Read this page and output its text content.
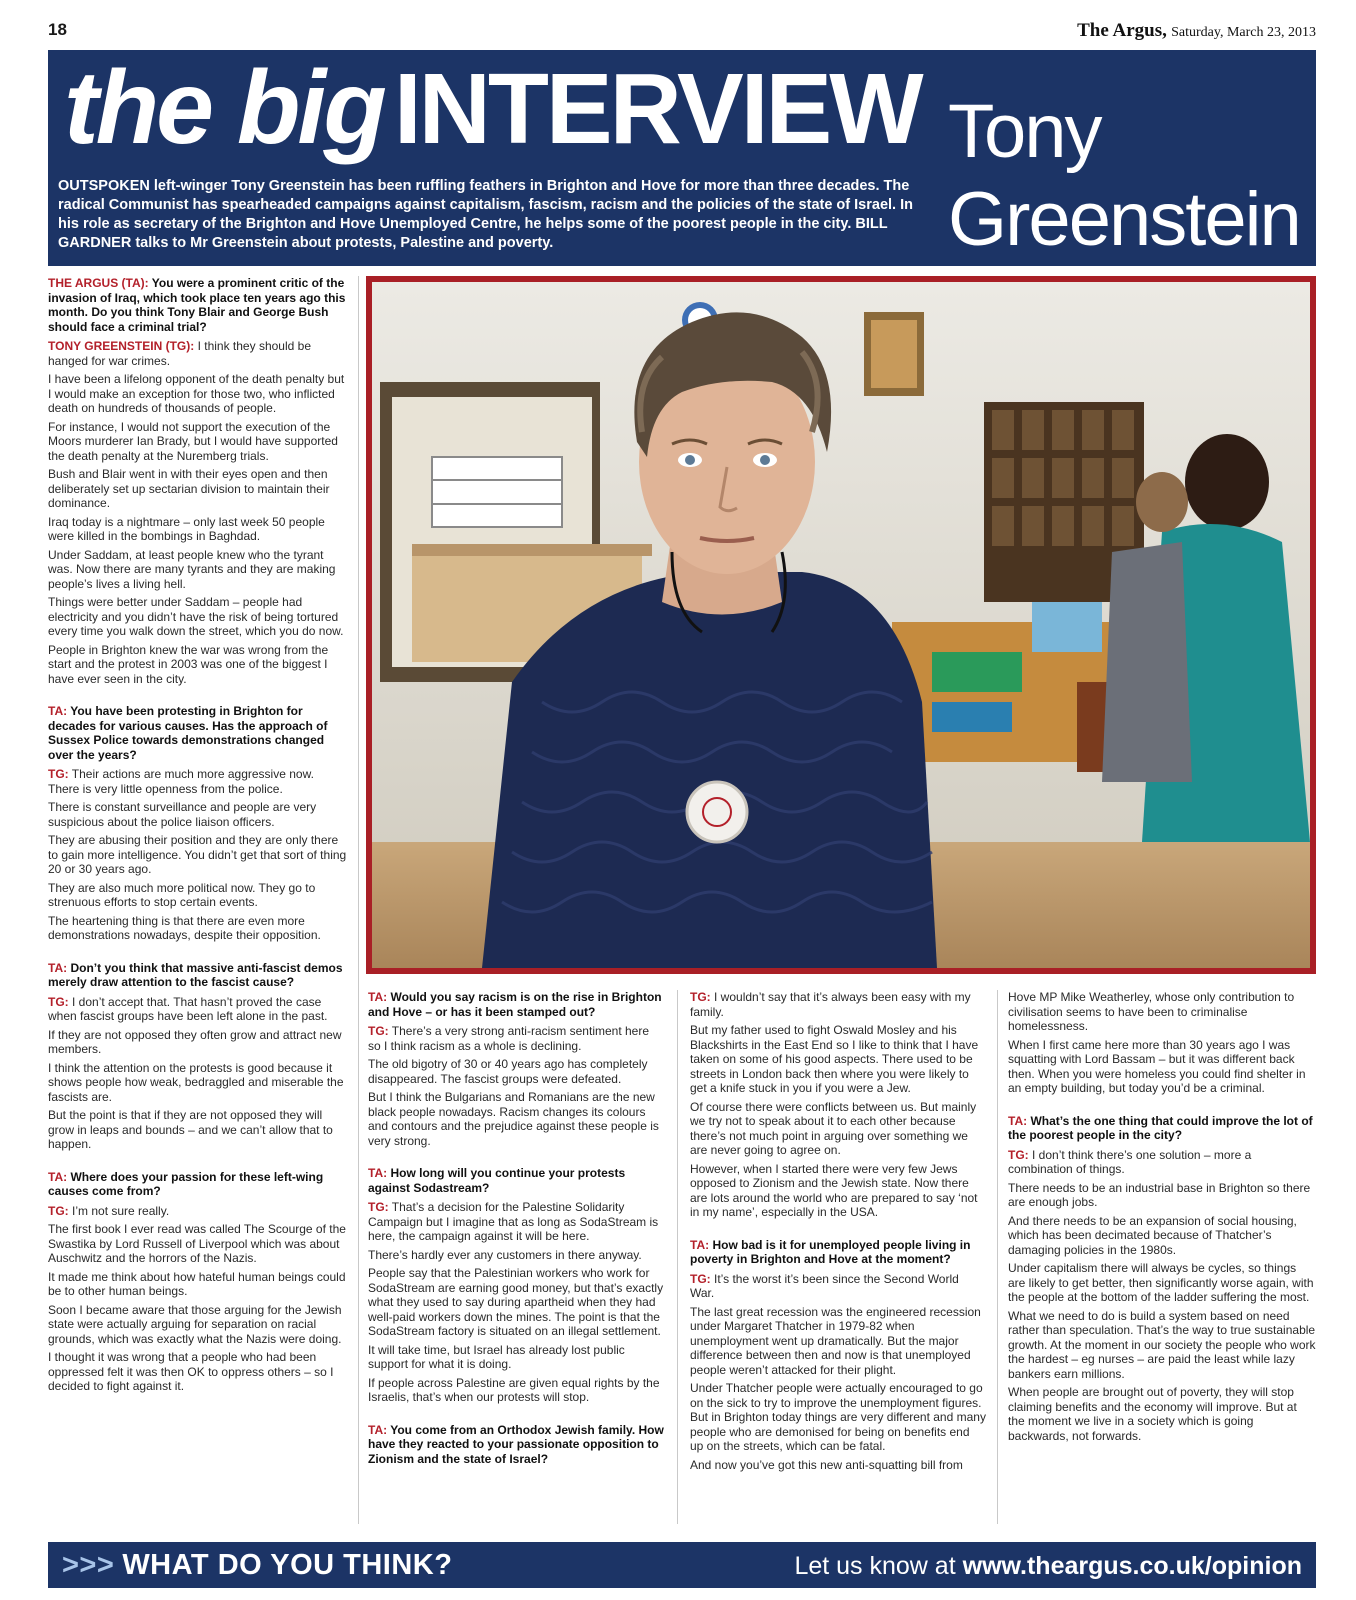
18	The Argus, Saturday, March 23, 2013
the big INTERVIEW
OUTSPOKEN left-winger Tony Greenstein has been ruffling feathers in Brighton and Hove for more than three decades. The radical Communist has spearheaded campaigns against capitalism, fascism, racism and the policies of the state of Israel. In his role as secretary of the Brighton and Hove Unemployed Centre, he helps some of the poorest people in the city. BILL GARDNER talks to Mr Greenstein about protests, Palestine and poverty.
Tony
Greenstein

THE ARGUS (TA): You were a prominent critic of the invasion of Iraq, which took place ten years ago this month. Do you think Tony Blair and George Bush should face a criminal trial?

TONY GREENSTEIN (TG): I think they should be hanged for war crimes.

I have been a lifelong opponent of the death penalty but I would make an exception for those two, who inflicted death on hundreds of thousands of people.

For instance, I would not support the execution of the Moors murderer Ian Brady, but I would have supported the death penalty at the Nuremberg trials.

Bush and Blair went in with their eyes open and then deliberately set up sectarian division to maintain their dominance.

Iraq today is a nightmare – only last week 50 people were killed in the bombings in Baghdad.

Under Saddam, at least people knew who the tyrant was. Now there are many tyrants and they are making people’s lives a living hell.

Things were better under Saddam – people had electricity and you didn’t have the risk of being tortured every time you walk down the street, which you do now.

People in Brighton knew the war was wrong from the start and the protest in 2003 was one of the biggest I have ever seen in the city.

TA: You have been protesting in Brighton for decades for various causes. Has the approach of Sussex Police towards demonstrations changed over the years?

TG: Their actions are much more aggressive now. There is very little openness from the police.

There is constant surveillance and people are very suspicious about the police liaison officers.

They are abusing their position and they are only there to gain more intelligence. You didn’t get that sort of thing 20 or 30 years ago.

They are also much more political now. They go to strenuous efforts to stop certain events.

The heartening thing is that there are even more demonstrations nowadays, despite their opposition.

TA: Don’t you think that massive anti-fascist demos merely draw attention to the fascist cause?

TG: I don’t accept that. That hasn’t proved the case when fascist groups have been left alone in the past.

If they are not opposed they often grow and attract new members.

I think the attention on the protests is good because it shows people how weak, bedraggled and miserable the fascists are.

But the point is that if they are not opposed they will grow in leaps and bounds – and we can’t allow that to happen.

TA: Where does your passion for these left-wing causes come from?

TG: I’m not sure really.

The first book I ever read was called The Scourge of the Swastika by Lord Russell of Liverpool which was about Auschwitz and the horrors of the Nazis.

It made me think about how hateful human beings could be to other human beings.

Soon I became aware that those arguing for the Jewish state were actually arguing for separation on racial grounds, which was exactly what the Nazis were doing.

I thought it was wrong that a people who had been oppressed felt it was then OK to oppress others – so I decided to fight against it.

TA: Would you say racism is on the rise in Brighton and Hove – or has it been stamped out?

TG: There’s a very strong anti-racism sentiment here so I think racism as a whole is declining.

The old bigotry of 30 or 40 years ago has completely disappeared. The fascist groups were defeated.

But I think the Bulgarians and Romanians are the new black people nowadays. Racism changes its colours and contours and the prejudice against these people is very strong.

TA: How long will you continue your protests against Sodastream?

TG: That’s a decision for the Palestine Solidarity Campaign but I imagine that as long as SodaStream is here, the campaign against it will be here.

There’s hardly ever any customers in there anyway.

People say that the Palestinian workers who work for SodaStream are earning good money, but that’s exactly what they used to say during apartheid when they had well-paid workers down the mines. The point is that the SodaStream factory is situated on an illegal settlement.

It will take time, but Israel has already lost public support for what it is doing.

If people across Palestine are given equal rights by the Israelis, that’s when our protests will stop.

TA: You come from an Orthodox Jewish family. How have they reacted to your passionate opposition to Zionism and the state of Israel?

TG: I wouldn’t say that it’s always been easy with my family.

But my father used to fight Oswald Mosley and his Blackshirts in the East End so I like to think that I have taken on some of his good aspects. There used to be streets in London back then where you were likely to get a knife stuck in you if you were a Jew.

Of course there were conflicts between us. But mainly we try not to speak about it to each other because there’s not much point in arguing over something we are never going to agree on.

However, when I started there were very few Jews opposed to Zionism and the Jewish state. Now there are lots around the world who are prepared to say ‘not in my name’, especially in the USA.

TA: How bad is it for unemployed people living in poverty in Brighton and Hove at the moment?

TG: It’s the worst it’s been since the Second World War.

The last great recession was the engineered recession under Margaret Thatcher in 1979-82 when unemployment went up dramatically. But the major difference between then and now is that unemployed people weren’t attacked for their plight.

Under Thatcher people were actually encouraged to go on the sick to try to improve the unemployment figures. But in Brighton today things are very different and many people who are demonised for being on benefits end up on the streets, which can be fatal.

And now you’ve got this new anti-squatting bill from

Hove MP Mike Weatherley, whose only contribution to civilisation seems to have been to criminalise homelessness.

When I first came here more than 30 years ago I was squatting with Lord Bassam – but it was different back then. When you were homeless you could find shelter in an empty building, but today you’d be a criminal.

TA: What’s the one thing that could improve the lot of the poorest people in the city?

TG: I don’t think there’s one solution – more a combination of things.

There needs to be an industrial base in Brighton so there are enough jobs.

And there needs to be an expansion of social housing, which has been decimated because of Thatcher’s damaging policies in the 1980s.

Under capitalism there will always be cycles, so things are likely to get better, then significantly worse again, with the people at the bottom of the ladder suffering the most.

What we need to do is build a system based on need rather than speculation. That’s the way to true sustainable growth. At the moment in our society the people who work the hardest – eg nurses – are paid the least while lazy bankers earn millions.

When people are brought out of poverty, they will stop claiming benefits and the economy will improve. But at the moment we live in a society which is going backwards, not forwards.

>>> WHAT DO YOU THINK?	Let us know at www.theargus.co.uk/opinion
